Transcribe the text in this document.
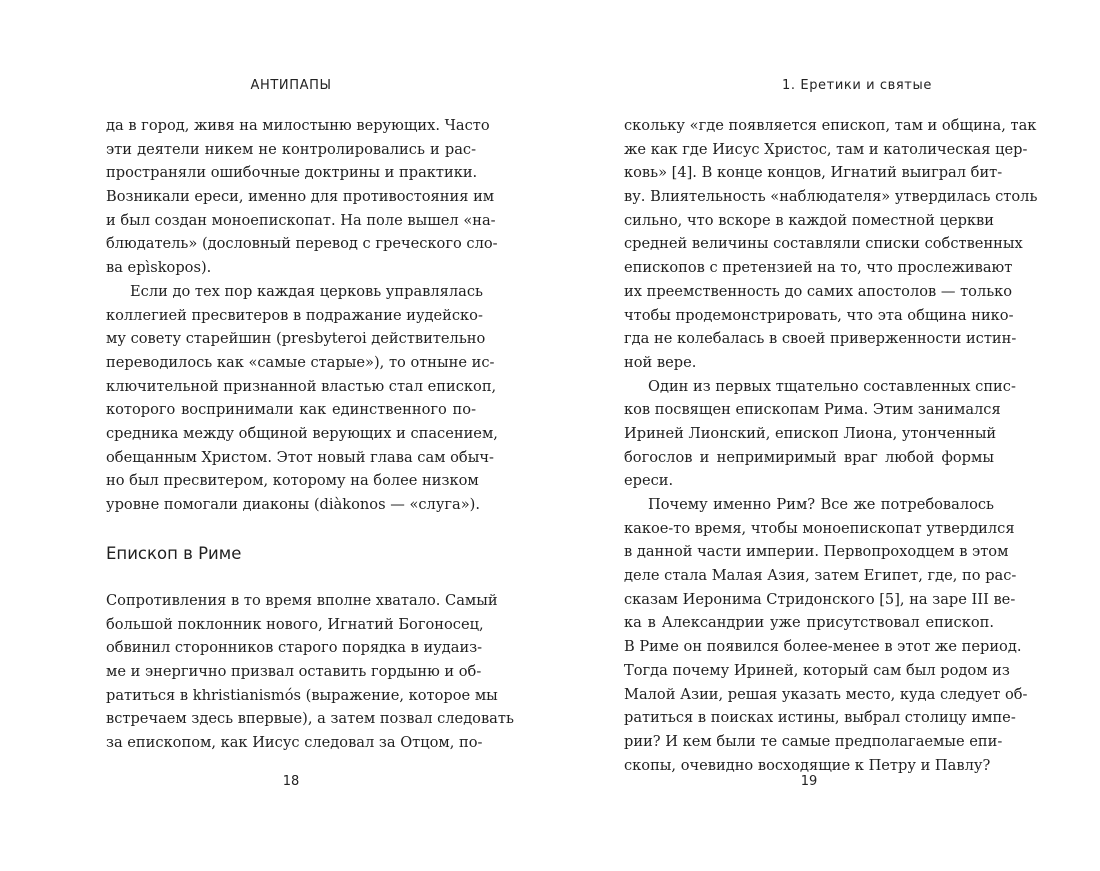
АНТИПАПЫ
да в город, живя на милостыню верующих. Часто
эти деятели никем не контролировались и рас-
пространяли ошибочные доктрины и практики.
Возникали ереси, именно для противостояния им
и был создан моноепископат. На поле вышел «на-
блюдатель» (дословный перевод с греческого сло-
ва epìskopos).
Если до тех пор каждая церковь управлялась
коллегией пресвитеров в подражание иудейско-
му совету старейшин (presbyteroi действительно
переводилось как «самые старые»), то отныне ис-
ключительной признанной властью стал епископ,
которого воспринимали как единственного по-
средника между общиной верующих и спасением,
обещанным Христом. Этот новый глава сам обыч-
но был пресвитером, которому на более низком
уровне помогали диаконы (diàkonos — «слуга»).
Епископ в Риме
Сопротивления в то время вполне хватало. Самый
большой поклонник нового, Игнатий Богоносец,
обвинил сторонников старого порядка в иудаиз-
ме и энергично призвал оставить гордыню и об-
ратиться в khristianismós (выражение, которое мы
встречаем здесь впервые), а затем позвал следовать
за епископом, как Иисус следовал за Отцом, по-
18
1. Еретики и святые
скольку «где появляется епископ, там и община, так
же как где Иисус Христос, там и католическая цер-
ковь» [4]. В конце концов, Игнатий выиграл бит-
ву. Влиятельность «наблюдателя» утвердилась столь
сильно, что вскоре в каждой поместной церкви
средней величины составляли списки собственных
епископов с претензией на то, что прослеживают
их преемственность до самих апостолов — только
чтобы продемонстрировать, что эта община нико-
гда не колебалась в своей приверженности истин-
ной вере.
Один из первых тщательно составленных спис-
ков посвящен епископам Рима. Этим занимался
Ириней Лионский, епископ Лиона, утонченный
богослов и непримиримый враг любой формы
ереси.
Почему именно Рим? Все же потребовалось
какое-то время, чтобы моноепископат утвердился
в данной части империи. Первопроходцем в этом
деле стала Малая Азия, затем Египет, где, по рас-
сказам Иеронима Стридонского [5], на заре III ве-
ка в Александрии уже присутствовал епископ.
В Риме он появился более-менее в этот же период.
Тогда почему Ириней, который сам был родом из
Малой Азии, решая указать место, куда следует об-
ратиться в поисках истины, выбрал столицу импе-
рии? И кем были те самые предполагаемые епи-
скопы, очевидно восходящие к Петру и Павлу?
19
